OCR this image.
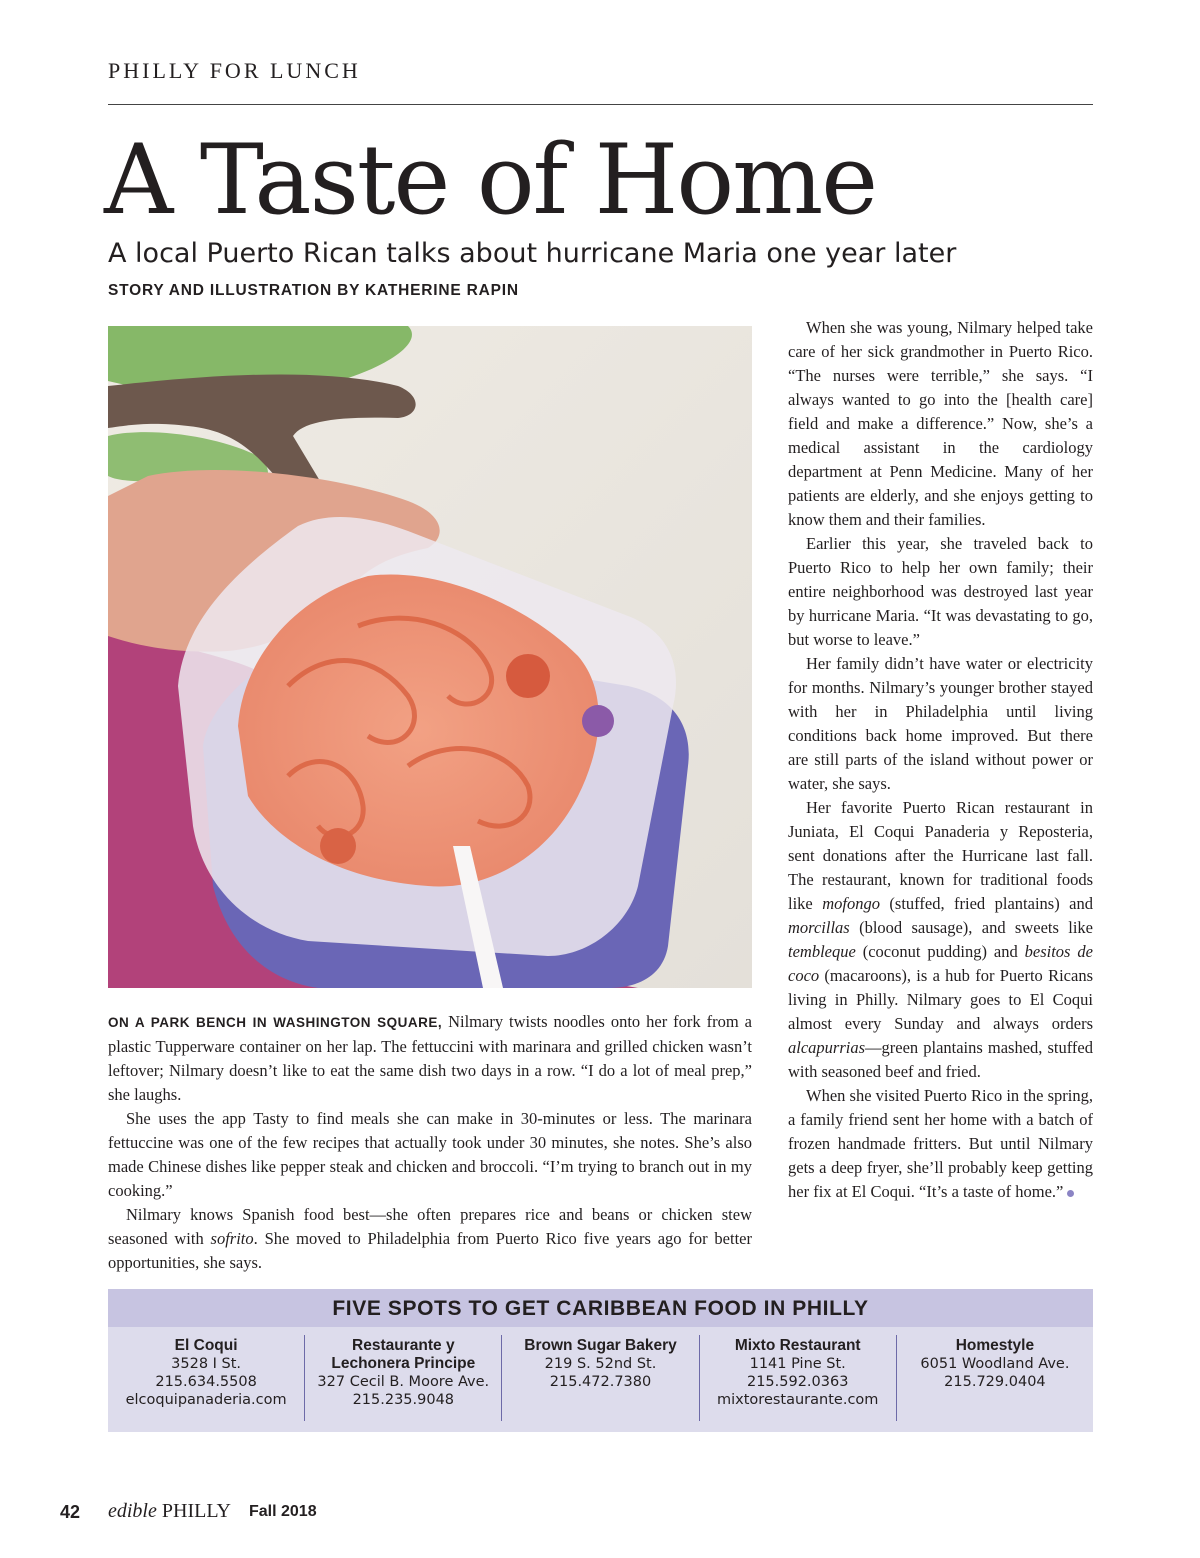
PHILLY FOR LUNCH
A Taste of Home
A local Puerto Rican talks about hurricane Maria one year later
STORY AND ILLUSTRATION BY KATHERINE RAPIN

ON A PARK BENCH IN WASHINGTON SQUARE, Nilmary twists noodles onto her fork from a plastic Tupperware container on her lap. The fettuccini with marinara and grilled chicken wasn’t leftover; Nilmary doesn’t like to eat the same dish two days in a row. “I do a lot of meal prep,” she laughs.

She uses the app Tasty to find meals she can make in 30-minutes or less. The marinara fettuccine was one of the few recipes that actually took under 30 minutes, she notes. She’s also made Chinese dishes like pepper steak and chicken and broccoli. “I’m trying to branch out in my cooking.”

Nilmary knows Spanish food best—she often prepares rice and beans or chicken stew seasoned with sofrito. She moved to Philadelphia from Puerto Rico five years ago for better opportunities, she says.

When she was young, Nilmary helped take care of her sick grandmother in Puerto Rico. “The nurses were terrible,” she says. “I always wanted to go into the [health care] field and make a difference.” Now, she’s a medical assistant in the cardiology department at Penn Medicine. Many of her patients are elderly, and she enjoys getting to know them and their families.

Earlier this year, she traveled back to Puerto Rico to help her own family; their entire neighborhood was destroyed last year by hurricane Maria. “It was devastating to go, but worse to leave.”

Her family didn’t have water or electricity for months. Nilmary’s younger brother stayed with her in Philadelphia until living conditions back home improved. But there are still parts of the island without power or water, she says.

Her favorite Puerto Rican restaurant in Juniata, El Coqui Panaderia y Reposteria, sent donations after the Hurricane last fall. The restaurant, known for traditional foods like mofongo (stuffed, fried plantains) and morcillas (blood sausage), and sweets like tembleque (coconut pudding) and besitos de coco (macaroons), is a hub for Puerto Ricans living in Philly. Nilmary goes to El Coqui almost every Sunday and always orders alcapurrias—green plantains mashed, stuffed with seasoned beef and fried.

When she visited Puerto Rico in the spring, a family friend sent her home with a batch of frozen handmade fritters. But until Nilmary gets a deep fryer, she’ll probably keep getting her fix at El Coqui. “It’s a taste of home.”

FIVE SPOTS TO GET CARIBBEAN FOOD IN PHILLY
El Coqui
3528 I St.
215.634.5508
elcoquipanaderia.com
Restaurante y
Lechonera Principe
327 Cecil B. Moore Ave.
215.235.9048
Brown Sugar Bakery
219 S. 52nd St.
215.472.7380
Mixto Restaurant
1141 Pine St.
215.592.0363
mixtorestaurante.com
Homestyle
6051 Woodland Ave.
215.729.0404
42 edible PHILLY Fall 2018
